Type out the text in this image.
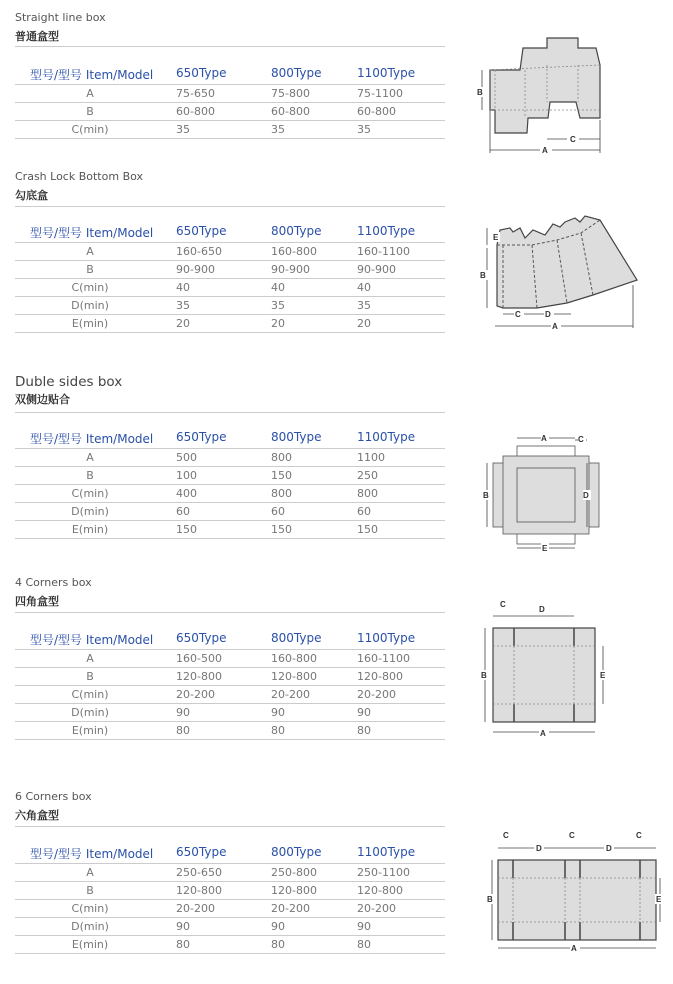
Straight line box
普通盒型
型号/型号 Item/Model 650Type	800Type	1100Type
A	75-650	75-800	75-1100
B	60-800	60-800	60-800
C(min)	35	35	35
B
C
A
Crash Lock Bottom Box
勾底盒
型号/型号 Item/Model 650Type	800Type	1100Type
A	160-650	160-800	160-1100
B	90-900	90-900	90-900
C(min)	40	40	40
D(min)	35	35	35
E(min)	20	20	20
E
B
C	D
A
Duble sides box
双侧边贴合
型号/型号 Item/Model 650Type	800Type	1100Type
A	500	800	1100
B	100	150	250
C(min)	400	800	800
D(min)	60	60	60
E(min)	150	150	150
A	C
B	D
E
4 Corners box
四角盒型
型号/型号 Item/Model 650Type	800Type	1100Type
A	160-500	160-800	160-1100
B	120-800	120-800	120-800
C(min)	20-200	20-200	20-200
D(min)	90	90	90
E(min)	80	80	80
C
D
B	E
A
6 Corners box
六角盒型
型号/型号 Item/Model 650Type	800Type	1100Type
A	250-650	250-800	250-1100
B	120-800	120-800	120-800
C(min)	20-200	20-200	20-200
D(min)	90	90	90
E(min)	80	80	80
C
D
C
D
C
B	E
A
